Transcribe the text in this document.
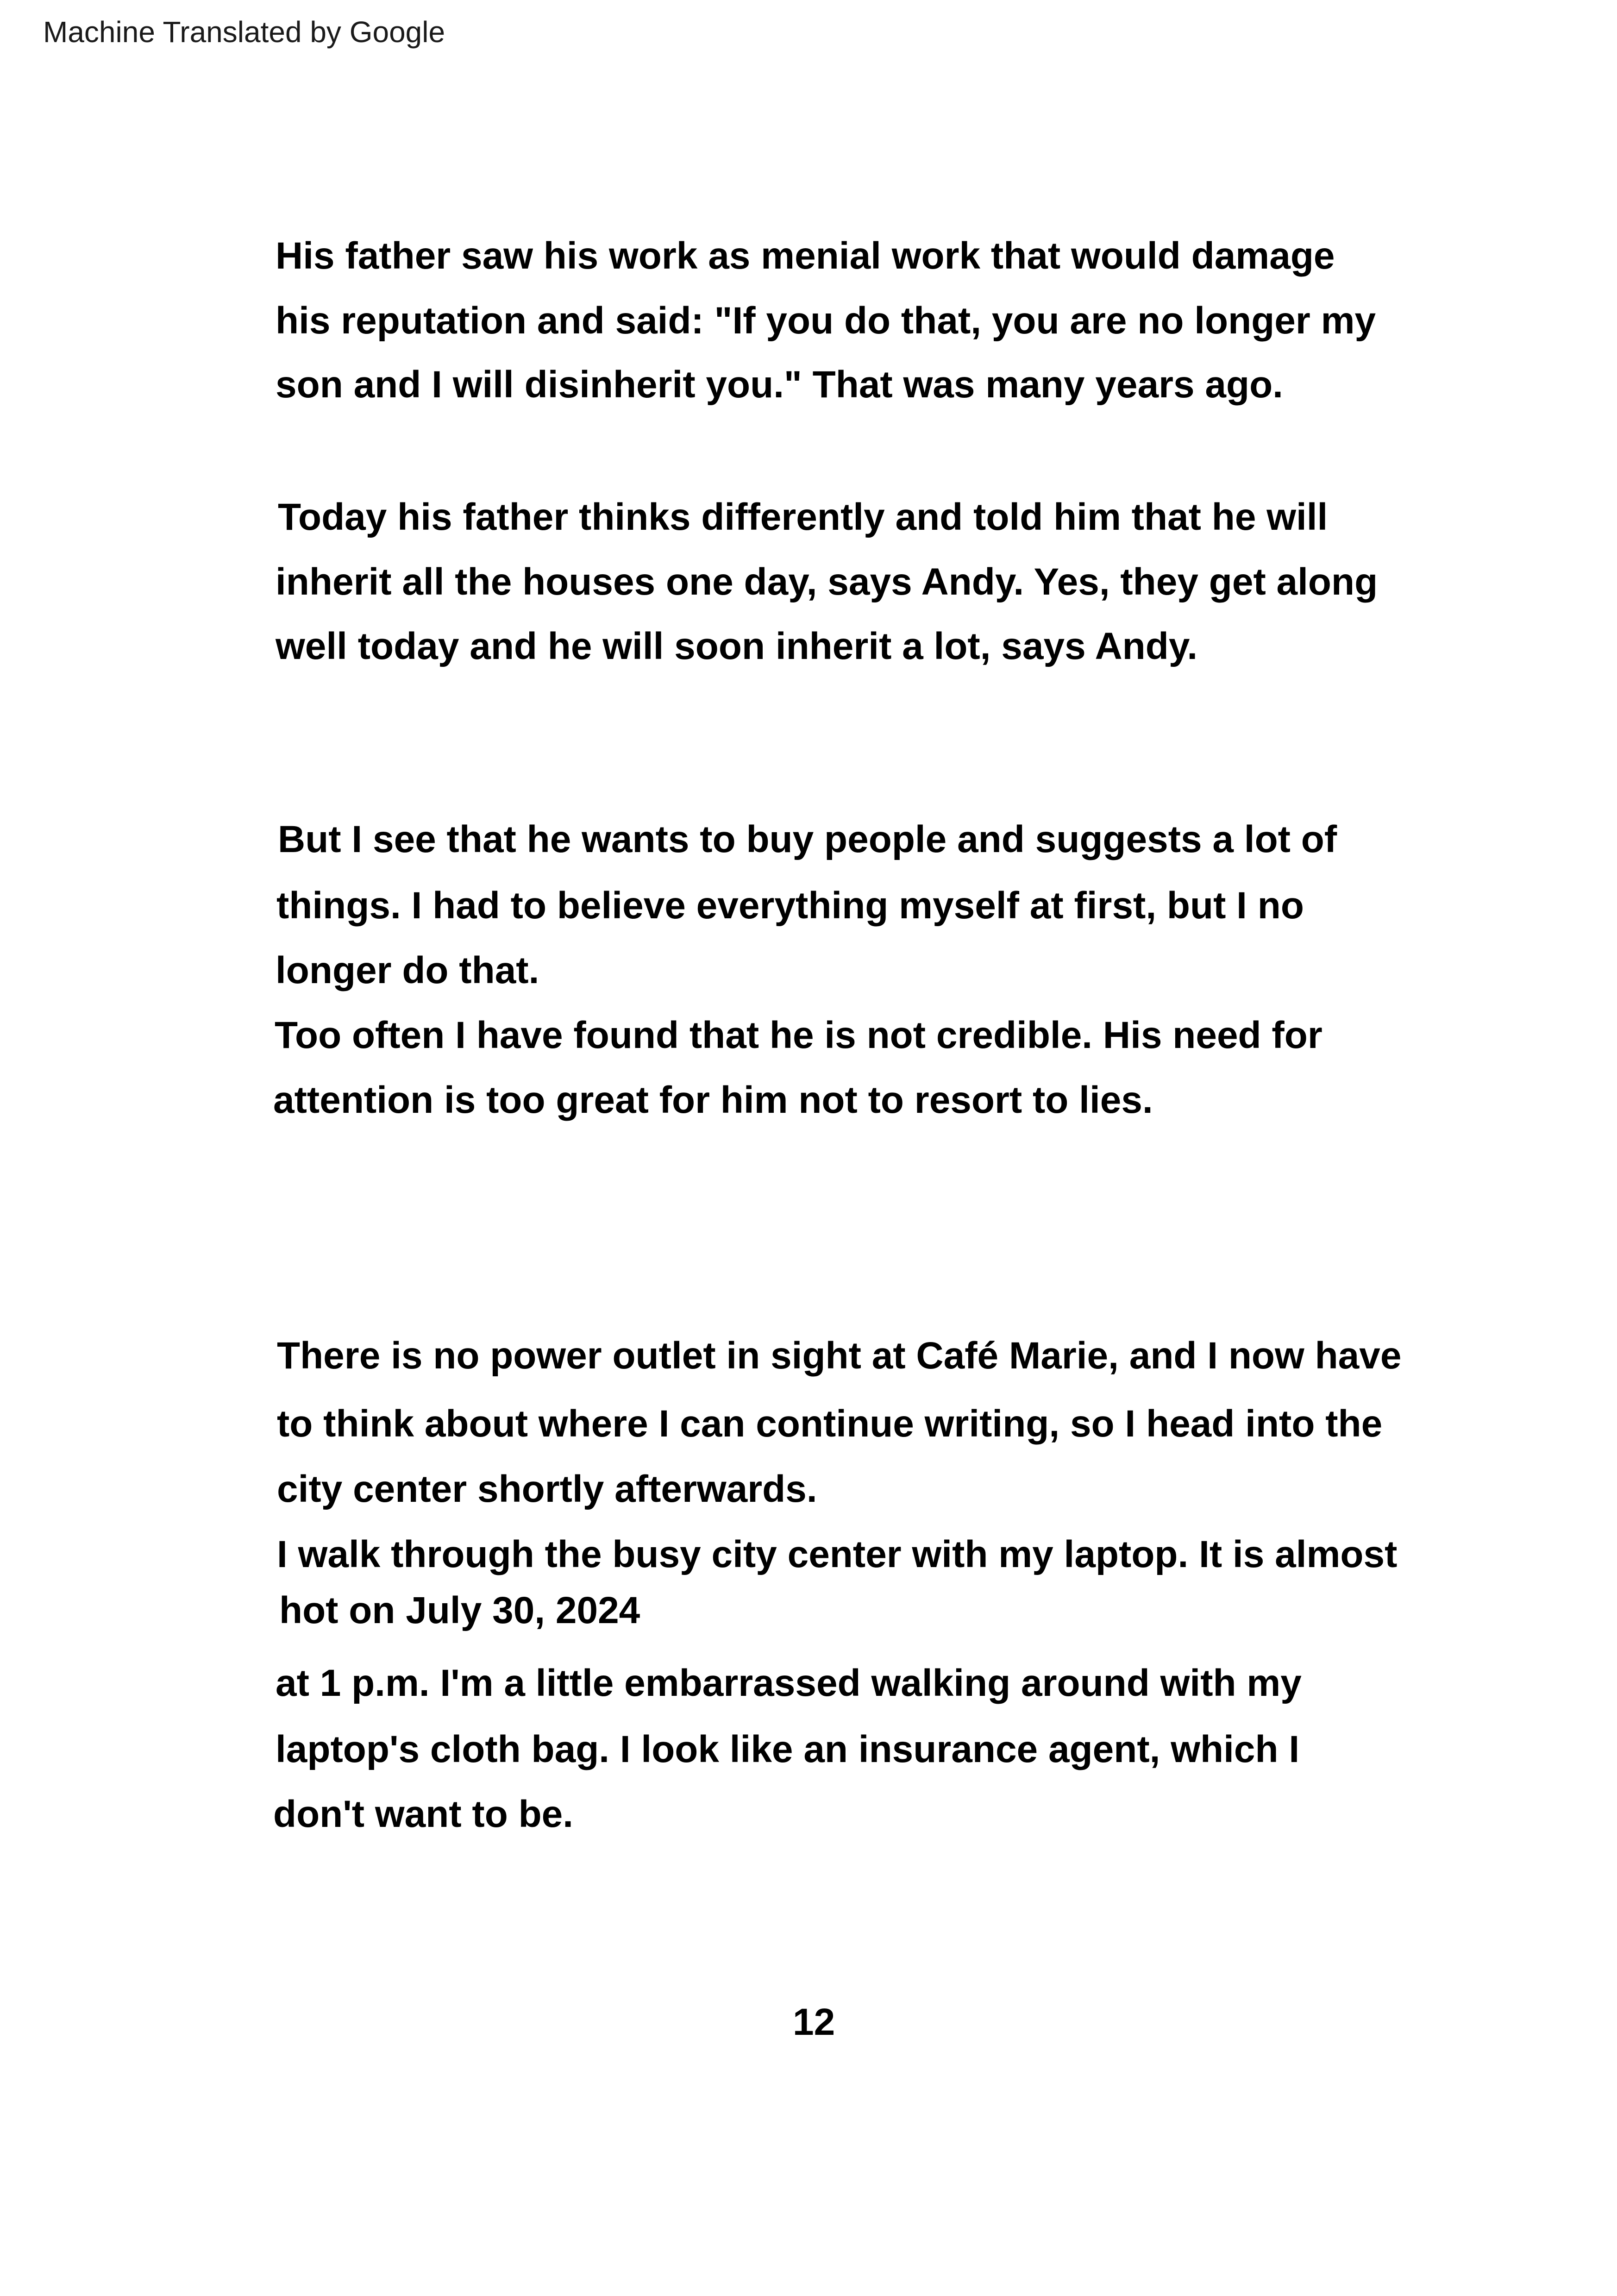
Machine Translated by Google
His father saw his work as menial work that would damage
his reputation and said: "If you do that, you are no longer my
son and I will disinherit you." That was many years ago.
Today his father thinks differently and told him that he will
inherit all the houses one day, says Andy. Yes, they get along
well today and he will soon inherit a lot, says Andy.
But I see that he wants to buy people and suggests a lot of
things. I had to believe everything myself at first, but I no
longer do that.
Too often I have found that he is not credible. His need for
attention is too great for him not to resort to lies.
There is no power outlet in sight at Café Marie, and I now have
to think about where I can continue writing, so I head into the
city center shortly afterwards.
I walk through the busy city center with my laptop. It is almost
hot on July 30, 2024
at 1 p.m. I'm a little embarrassed walking around with my
laptop's cloth bag. I look like an insurance agent, which I
don't want to be.
12
